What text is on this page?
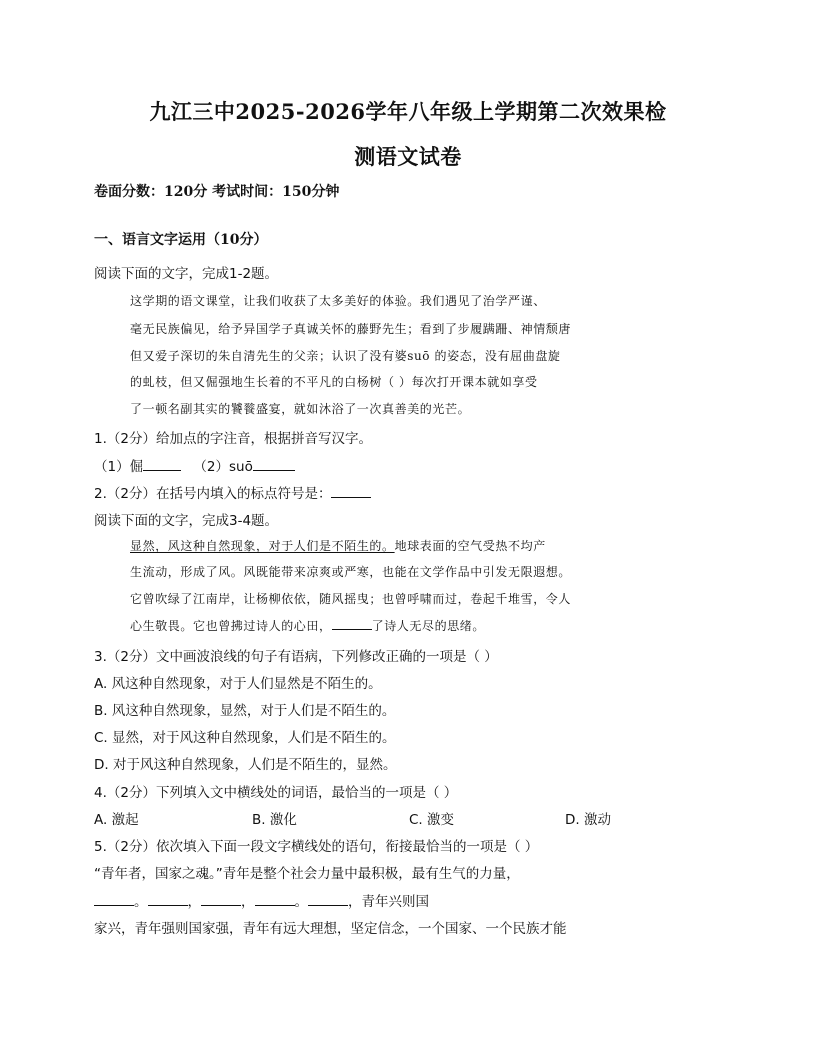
九江三中2025-2026学年八年级上学期第二次效果检
测语文试卷
卷面分数：120分 考试时间：150分钟
一、语言文字运用（10分）
阅读下面的文字，完成1-2题。
这学期的语文课堂，让我们收获了太多美好的体验。我们遇见了治学严谨、
毫无民族偏见，给予异国学子真诚关怀的藤野先生；看到了步履蹒跚、神情颓唐
但又爱子深切的朱自清先生的父亲；认识了没有婆suō 的姿态，没有屈曲盘旋
的虬枝，但又倔强地生长着的不平凡的白杨树（ ）每次打开课本就如享受
了一顿名副其实的饕餮盛宴，就如沐浴了一次真善美的光芒。
1.（2分）给加点的字注音，根据拼音写汉字。
（1）倔	（2）suō
2.（2分）在括号内填入的标点符号是：
阅读下面的文字，完成3-4题。
显然，风这种自然现象，对于人们是不陌生的。地球表面的空气受热不均产
生流动，形成了风。风既能带来凉爽或严寒，也能在文学作品中引发无限遐想。
它曾吹绿了江南岸，让杨柳依依，随风摇曳；也曾呼啸而过，卷起千堆雪，令人
心生敬畏。它也曾拂过诗人的心田，	了诗人无尽的思绪。
3.（2分）文中画波浪线的句子有语病，下列修改正确的一项是（ ）
A. 风这种自然现象，对于人们显然是不陌生的。
B. 风这种自然现象，显然，对于人们是不陌生的。
C. 显然，对于风这种自然现象，人们是不陌生的。
D. 对于风这种自然现象，人们是不陌生的，显然。
4.（2分）下列填入文中横线处的词语，最恰当的一项是（ ）
A. 激起	B. 激化	C. 激变	D. 激动
5.（2分）依次填入下面一段文字横线处的语句，衔接最恰当的一项是（ ）
“青年者，国家之魂。”青年是整个社会力量中最积极，最有生气的力量，
。	，	，	。	，青年兴则国
家兴，青年强则国家强，青年有远大理想，坚定信念，一个国家、一个民族才能
